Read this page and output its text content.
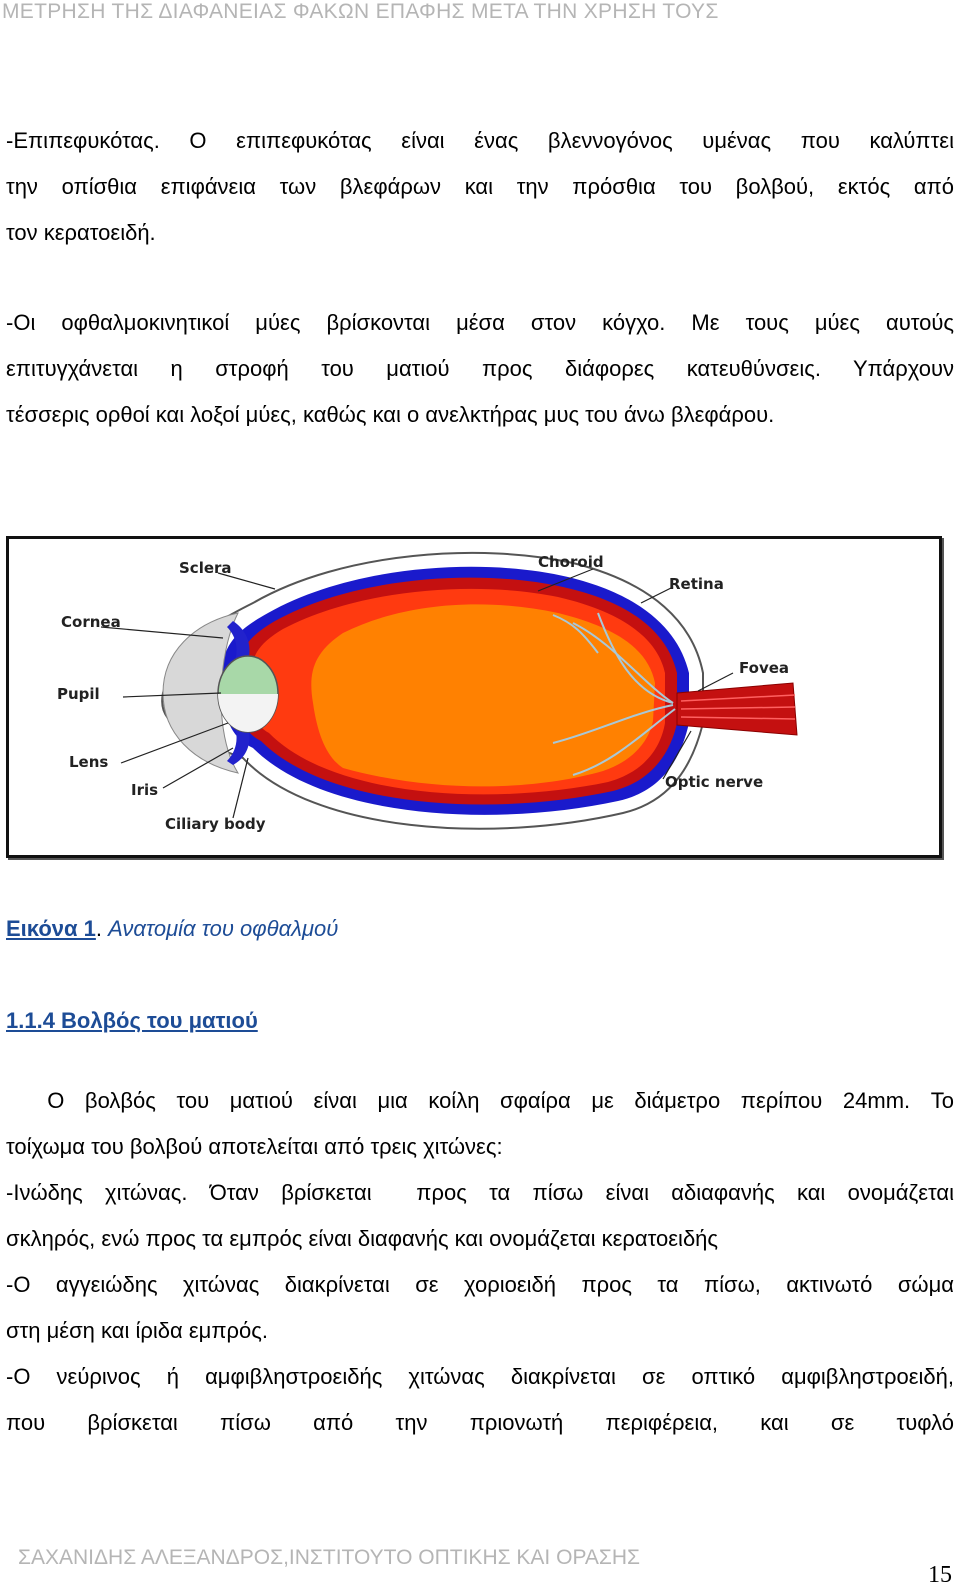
ΜΕΤΡΗΣΗ ΤΗΣ ΔΙΑΦΑΝΕΙΑΣ ΦΑΚΩΝ ΕΠΑΦΗΣ ΜΕΤΑ ΤΗΝ ΧΡΗΣΗ ΤΟΥΣ
-Επιπεφυκότας. Ο επιπεφυκότας είναι ένας βλεννογόνος υμένας που καλύπτει
την οπίσθια επιφάνεια των βλεφάρων και την πρόσθια του βολβού, εκτός από
τον κερατοειδή.
-Οι οφθαλμοκινητικοί μύες βρίσκονται μέσα στον κόγχο. Με τους μύες αυτούς
επιτυγχάνεται η στροφή του ματιού προς διάφορες κατευθύνσεις. Υπάρχουν
τέσσερις ορθοί και λοξοί μύες, καθώς και ο ανελκτήρας μυς του άνω βλεφάρου.
Sclera	Choroid
Retina
Cornea
Fovea
Pupil
Lens
Iris	Optic nerve
Ciliary body
Εικόνα 1. Ανατομία του οφθαλμού
1.1.4 Βολβός του ματιού
Ο βολβός του ματιού είναι μια κοίλη σφαίρα με διάμετρο περίπου 24mm. Το
τοίχωμα του βολβού αποτελείται από τρεις χιτώνες:
-Ινώδης χιτώνας. Όταν βρίσκεται  προς τα πίσω είναι αδιαφανής και ονομάζεται
σκληρός, ενώ προς τα εμπρός είναι διαφανής και ονομάζεται κερατοειδής
-Ο αγγειώδης χιτώνας διακρίνεται σε χοριοειδή προς τα πίσω, ακτινωτό σώμα
στη μέση και ίριδα εμπρός.
-Ο νεύρινος ή αμφιβληστροειδής χιτώνας διακρίνεται σε οπτικό αμφιβληστροειδή,
που βρίσκεται πίσω από την πριονωτή περιφέρεια, και σε τυφλό
ΣΑΧΑΝΙΔΗΣ ΑΛΕΞΑΝΔΡΟΣ,ΙΝΣΤΙΤΟΥΤΟ ΟΠΤΙΚΗΣ ΚΑΙ ΟΡΑΣΗΣ
15
